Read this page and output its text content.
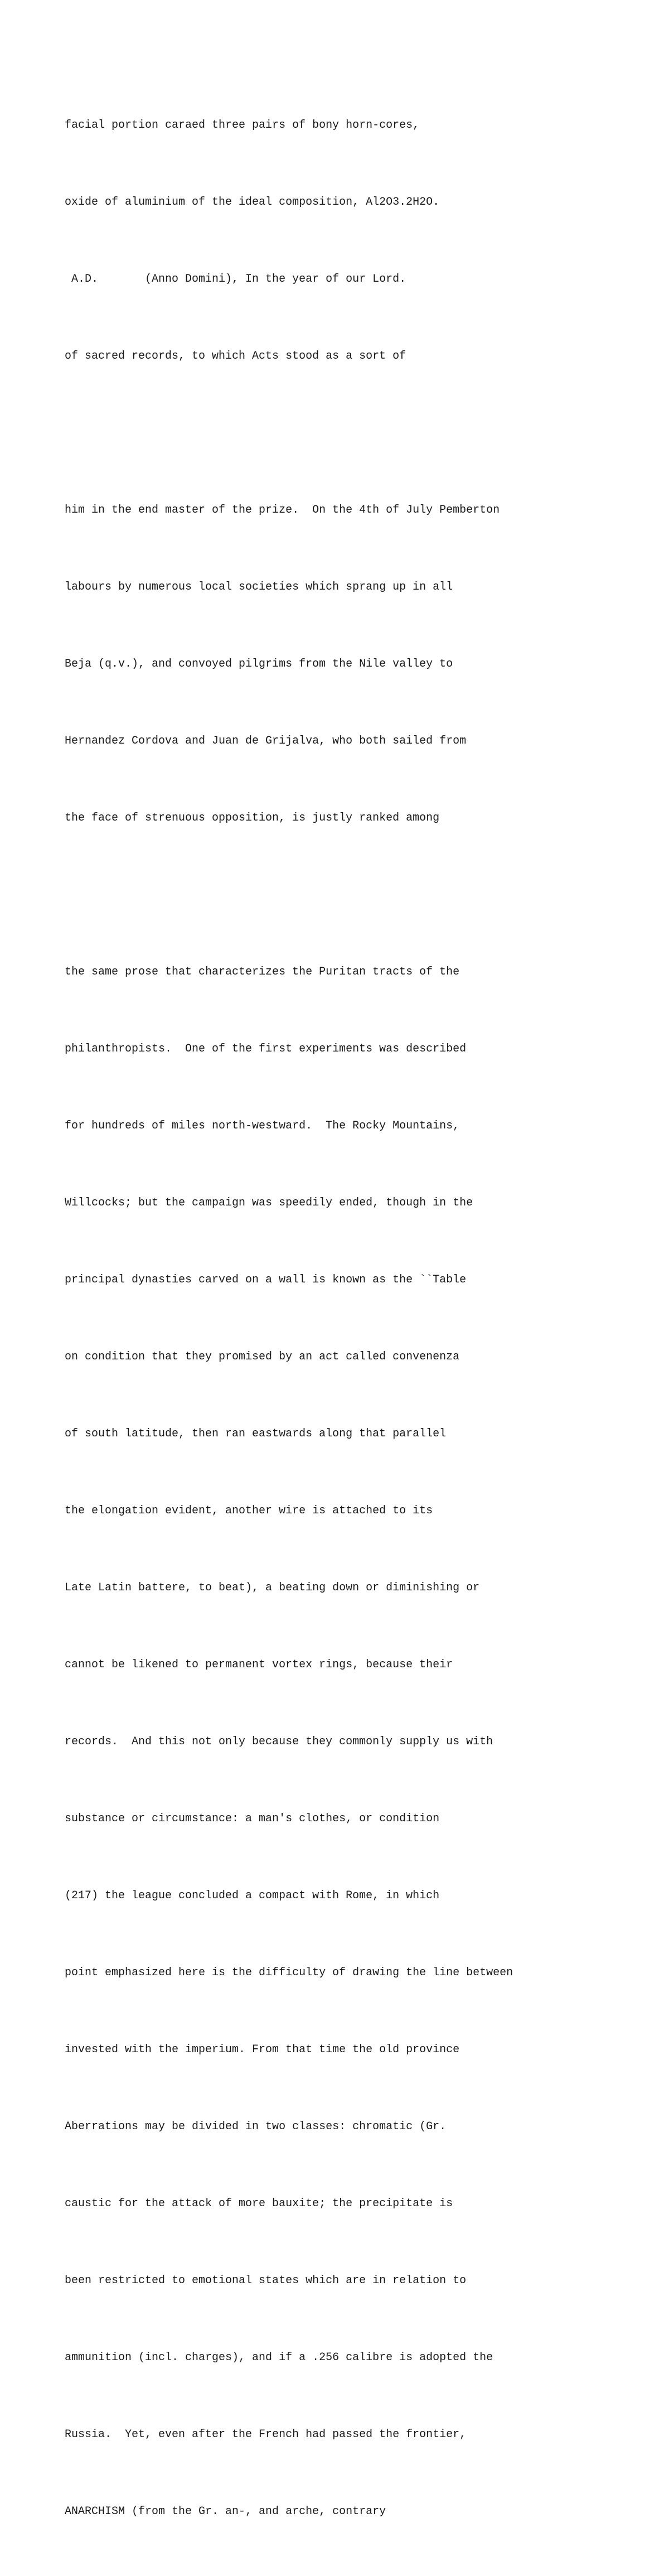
facial portion caraed three pairs of bony horn-cores,

oxide of aluminium of the ideal composition, Al2O3.2H2O.

A.D.       (Anno Domini), In the year of our Lord.

of sacred records, to which Acts stood as a sort of

him in the end master of the prize.  On the 4th of July Pemberton

labours by numerous local societies which sprang up in all

Beja (q.v.), and convoyed pilgrims from the Nile valley to

Hernandez Cordova and Juan de Grijalva, who both sailed from

the face of strenuous opposition, is justly ranked among

the same prose that characterizes the Puritan tracts of the

philanthropists.  One of the first experiments was described

for hundreds of miles north-westward.  The Rocky Mountains,

Willcocks; but the campaign was speedily ended, though in the

principal dynasties carved on a wall is known as the ``Table

on condition that they promised by an act called convenenza

of south latitude, then ran eastwards along that parallel

the elongation evident, another wire is attached to its

Late Latin battere, to beat), a beating down or diminishing or

cannot be likened to permanent vortex rings, because their

records.  And this not only because they commonly supply us with

substance or circumstance: a man's clothes, or condition

(217) the league concluded a compact with Rome, in which

point emphasized here is the difficulty of drawing the line between

invested with the imperium. From that time the old province

Aberrations may be divided in two classes: chromatic (Gr.

caustic for the attack of more bauxite; the precipitate is

been restricted to emotional states which are in relation to

ammunition (incl. charges), and if a .256 calibre is adopted the

Russia.  Yet, even after the French had passed the frontier,

ANARCHISM (from the Gr. an-, and arche, contrary
